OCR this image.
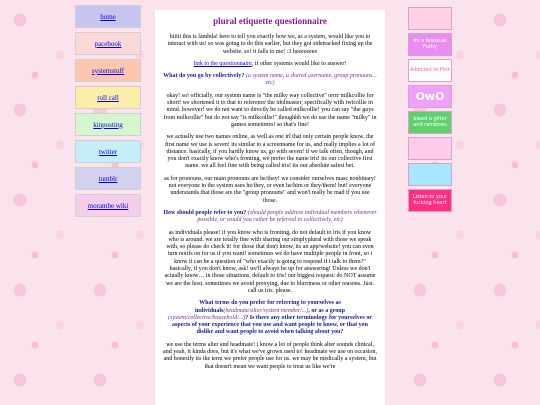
home
pacebook
systemstuff
roll call
kinposting
twitter
tumblr
morambe wiki
plural etiquette questionnaire

hiiiii this is lambda! here to tell you exactly how we, as a system, would like you to interact with us! so was going to do this earlier, but they got sidetracked fixing up the website. so! it falls to me! :3 heeeeeeee

link to the questionnaire, if other systems would like to answer!

What do you go by collectively? (a system name, a shared username, group pronouns... etc)

okay! so! officially, our system name is "the milky way collective" orrrr milkcollie for short! we shortened it to that to reference the idolmaster, specifically with twicollie in mind. however! we do not want to directly be called milkcollie! you can say "the guys from milkcollie" but do not say "is milkcollie!" thoughhh we do use the name "milky" in games sometimes! so that's fine!

we actually use two names online, as well as one irl that only certain people know. the first name we use is seven! its similar to a screenname for us, and really implies a lot of distance. basically, if you hardly know us, go with seven! if we talk often, though, and you don't exactly know who's fronting, we prefer the name iris! its our collective first name. we all feel fine with being called iris! its our absolute safest bet.

as for pronouns, our main pronouns are he/they! we consider ourselves masc nonbinary! not everyone in the system uses he/they, or even he/him or they/them! but! everyone understands that those are the "group pronouns" and won't really be mad if you use those.

How should people refer to you? (should people address individual members whenever possible, or would you rather be referred to collectively, etc)

as individuals please! if you know who is fronting, do not default to iris if you know who is around. we are totally fine with sharing our simplyplural with those we speak with, so please do check it! for those that don't know, its an app/website! you can even turn notifs on for us if you want! sometimes we do have multiple people in front, so i know it can be a question of "who exactly is going to respond if i talk to them?" basically, if you don't know, ask! we'll always be up for answering! Unless we don't actually know… in those situations, default to iris! our biggest request: do NOT assume we are the host. sometimes we avoid proxying, due to blurriness or other reasons. Just. call us iris. please.

What terms do you prefer for referring to yourselves as individuals(headmate/alter/system member/...), or as a group (system/collective/household/...)? Is there any other terminology for yourselves or aspects of your experience that you use and want people to know, or that you dislike and want people to avoid when talking about you?

we use the terms alter and headmate! i know a lot of people think alter sounds clinical, and yeah, it kinda does, but it's what we've grown used to! headmate we use on occasion, and honestly its the term we prefer people use for us. we may be medically a system, but that doesn't mean we want people to treat us like we're

im a bisexual Furby
Addicted to Pink
OwO
bleed a gilter and rainbows
Listen to your fucking heart
